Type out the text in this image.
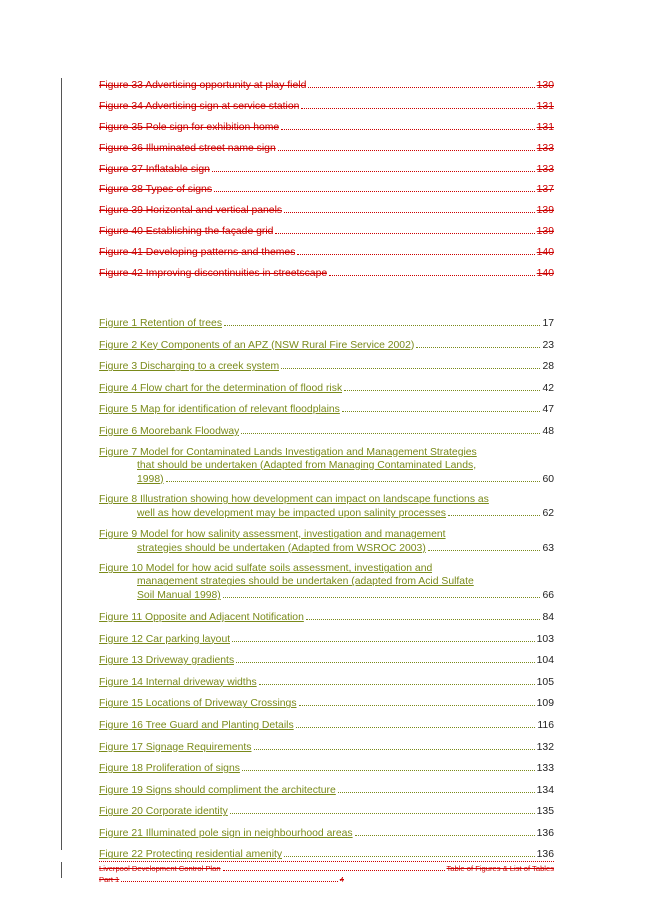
Figure 33 Advertising opportunity at play field	130
Figure 34 Advertising sign at service station	131
Figure 35 Pole sign for exhibition home	131
Figure 36 Illuminated street name sign	133
Figure 37 Inflatable sign	133
Figure 38 Types of signs	137
Figure 39 Horizontal and vertical panels	139
Figure 40 Establishing the façade grid	139
Figure 41 Developing patterns and themes	140
Figure 42 Improving discontinuities in streetscape	140
Figure 1 Retention of trees	17
Figure 2 Key Components of an APZ (NSW Rural Fire Service 2002)	23
Figure 3 Discharging to a creek system	28
Figure 4 Flow chart for the determination of flood risk	42
Figure 5 Map for identification of relevant floodplains	47
Figure 6 Moorebank Floodway	48
Figure 7 Model for Contaminated Lands Investigation and Management Strategies
that should be undertaken (Adapted from Managing Contaminated Lands,
1998)	60
Figure 8 Illustration showing how development can impact on landscape functions as
well as how development may be impacted upon salinity processes	62
Figure 9 Model for how salinity assessment, investigation and management
strategies should be undertaken (Adapted from WSROC 2003)	63
Figure 10 Model for how acid sulfate soils assessment, investigation and
management strategies should be undertaken (adapted from Acid Sulfate
Soil Manual 1998)	66
Figure 11 Opposite and Adjacent Notification	84
Figure 12 Car parking layout	103
Figure 13 Driveway gradients	104
Figure 14 Internal driveway widths	105
Figure 15 Locations of Driveway Crossings	109
Figure 16 Tree Guard and Planting Details	116
Figure 17 Signage Requirements	132
Figure 18 Proliferation of signs	133
Figure 19 Signs should compliment the architecture	134
Figure 20 Corporate identity	135
Figure 21 Illuminated pole sign in neighbourhood areas	136
Figure 22 Protecting residential amenity	136
Liverpool Development Control Plan	Table of Figures & List of Tables
Part 1	4
